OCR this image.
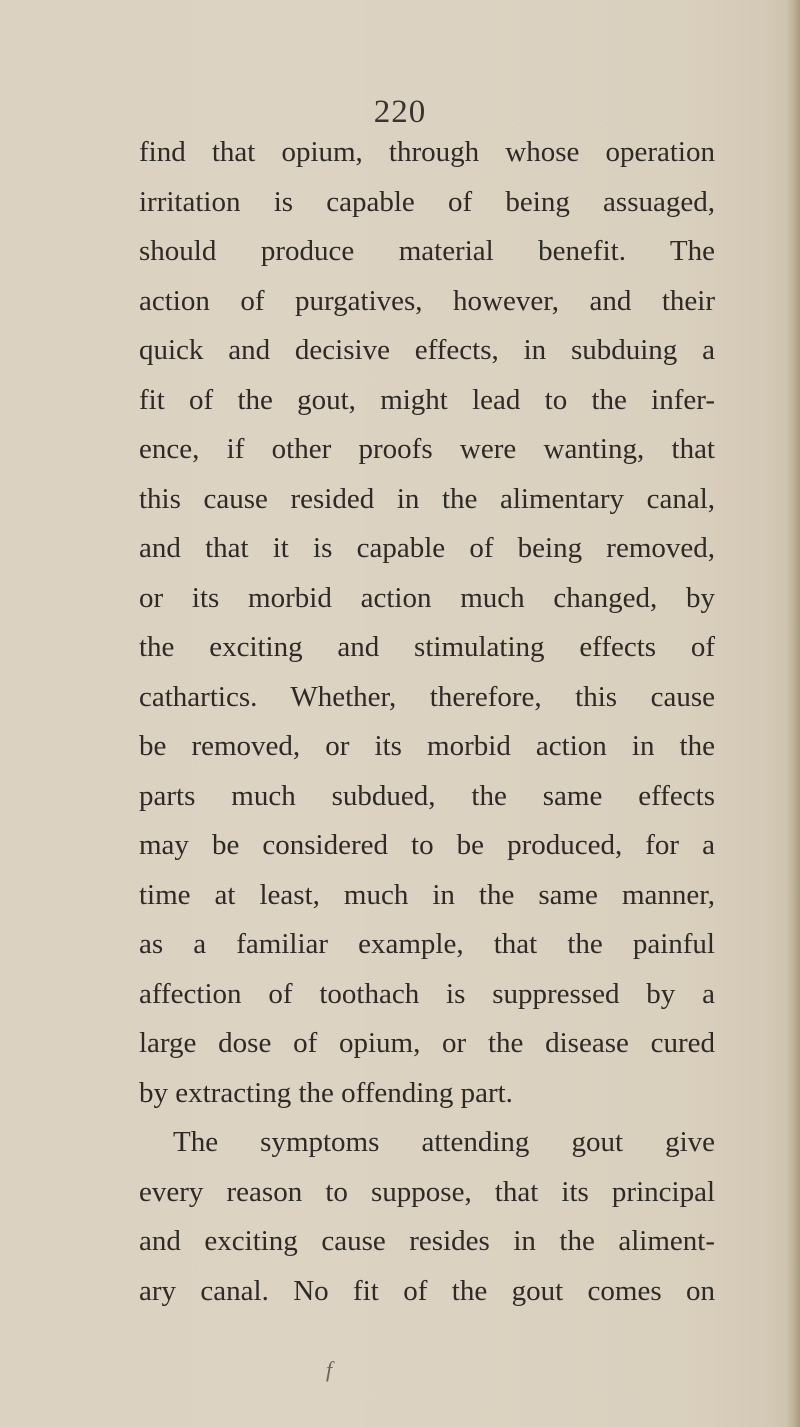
220
find that opium, through whose operation
irritation is capable of being assuaged,
should produce material benefit. The
action of purgatives, however, and their
quick and decisive effects, in subduing a
fit of the gout, might lead to the infer-
ence, if other proofs were wanting, that
this cause resided in the alimentary canal,
and that it is capable of being removed,
or its morbid action much changed, by
the exciting and stimulating effects of
cathartics. Whether, therefore, this cause
be removed, or its morbid action in the
parts much subdued, the same effects
may be considered to be produced, for a
time at least, much in the same manner,
as a familiar example, that the painful
affection of toothach is suppressed by a
large dose of opium, or the disease cured
by extracting the offending part.
The symptoms attending gout give
every reason to suppose, that its principal
and exciting cause resides in the aliment-
ary canal. No fit of the gout comes on
f
